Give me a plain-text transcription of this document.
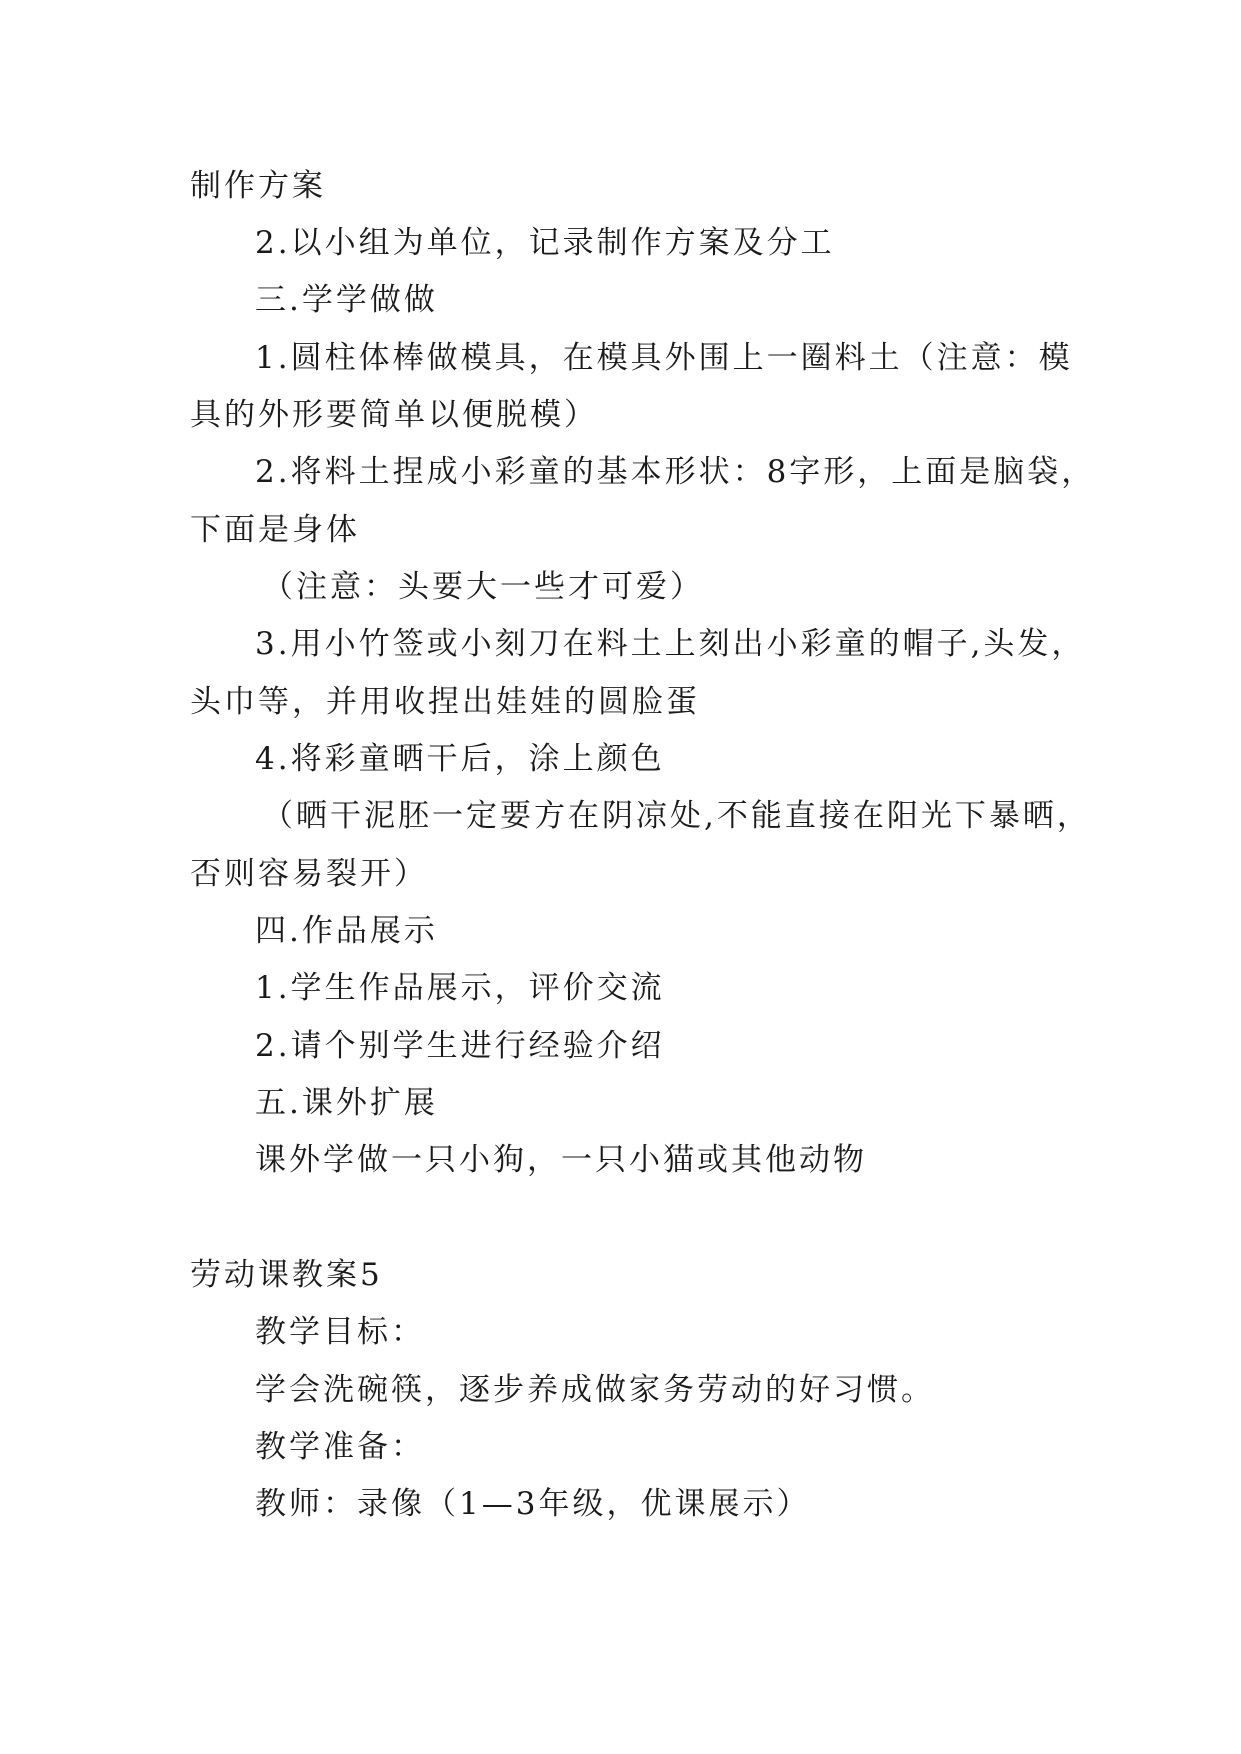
制作方案
2.以小组为单位，记录制作方案及分工
三.学学做做
1.圆柱体棒做模具，在模具外围上一圈料土（注意：模
具的外形要简单以便脱模）
2.将料土捏成小彩童的基本形状：8字形，上面是脑袋，
下面是身体
（注意：头要大一些才可爱）
3.用小竹签或小刻刀在料土上刻出小彩童的帽子,头发，
头巾等，并用收捏出娃娃的圆脸蛋
4.将彩童晒干后，涂上颜色
（晒干泥胚一定要方在阴凉处,不能直接在阳光下暴晒，
否则容易裂开）
四.作品展示
1.学生作品展示，评价交流
2.请个别学生进行经验介绍
五.课外扩展
课外学做一只小狗，一只小猫或其他动物
劳动课教案5
教学目标：
学会洗碗筷，逐步养成做家务劳动的好习惯。
教学准备：
教师：录像（1—3年级，优课展示）
